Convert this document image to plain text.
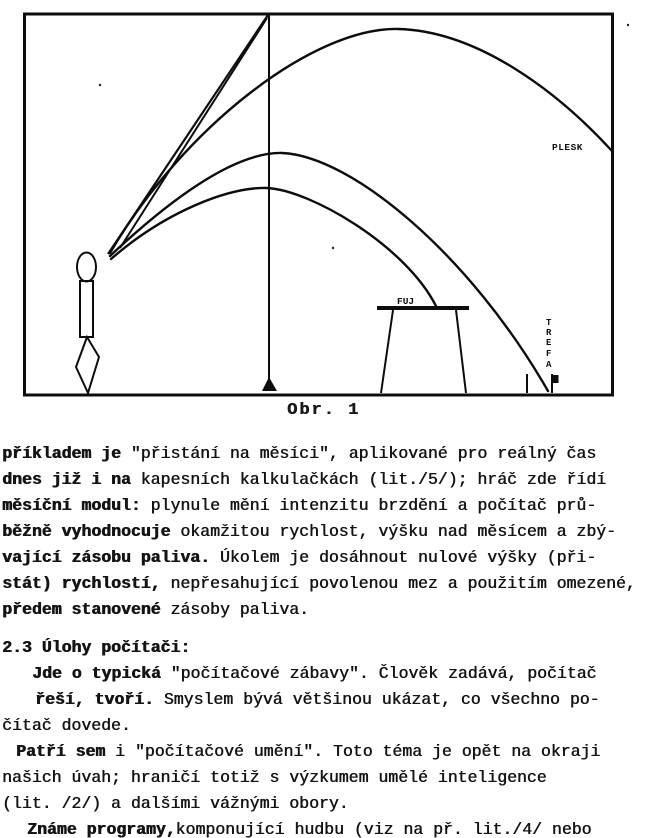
PLESK
FUJ
T
R
E
F
A
Obr. 1
příkladem je "přistání na měsíci", aplikované pro reálný čas
dnes již i na kapesních kalkulačkách (lit./5/); hráč zde řídí
měsíční modul: plynule mění intenzitu brzdění a počítač prů-
běžně vyhodnocuje okamžitou rychlost, výšku nad měsícem a zbý-
vající zásobu paliva. Úkolem je dosáhnout nulové výšky (při-
stát) rychlostí, nepřesahující povolenou mez a použitím omezené,
předem stanovené zásoby paliva.
2.3 Úlohy počítači:
Jde o typická "počítačové zábavy". Člověk zadává, počítač
řeší, tvoří. Smyslem bývá většinou ukázat, co všechno po-
čítač dovede.
Patří sem i "počítačové umění". Toto téma je opět na okraji
našich úvah; hraničí totiž s výzkumem umělé inteligence
(lit. /2/) a dalšími vážnými obory.
Známe programy,komponující hudbu (viz na př. lit./4/ nebo
